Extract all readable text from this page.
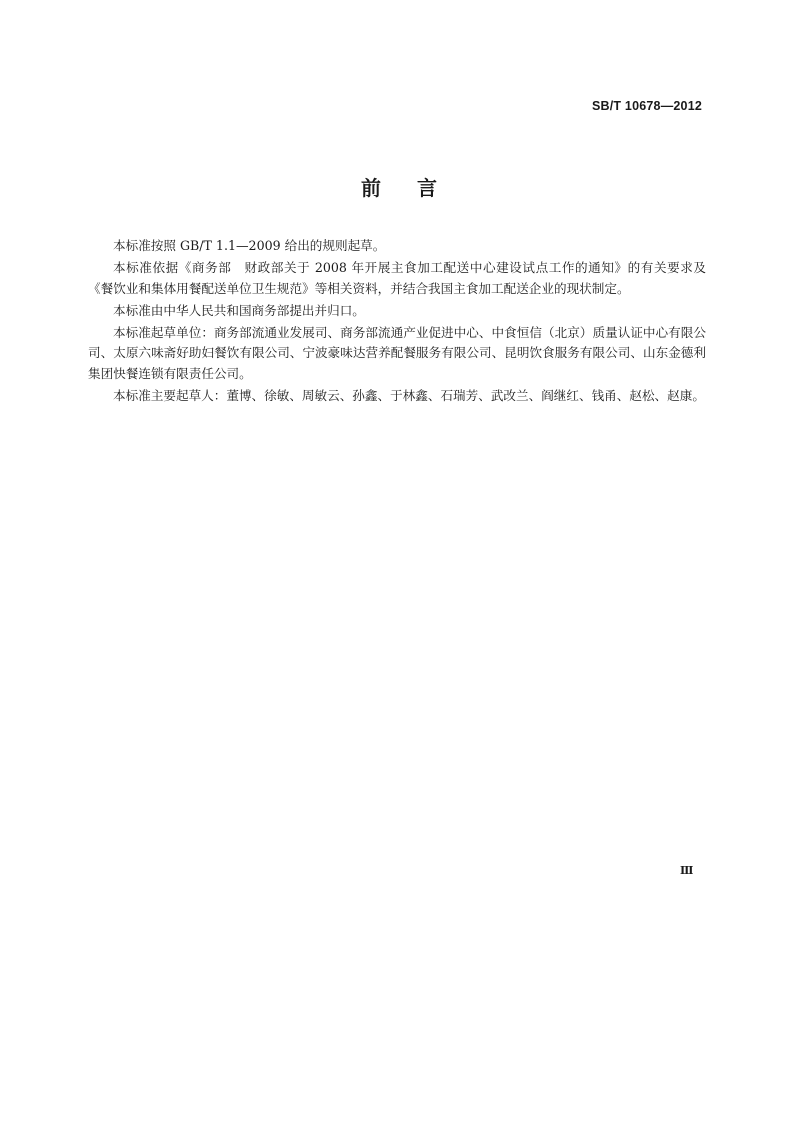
SB/T 10678—2012
前言

本标准按照 GB/T 1.1—2009 给出的规则起草。

本标准依据《商务部　财政部关于 2008 年开展主食加工配送中心建设试点工作的通知》的有关要求及《餐饮业和集体用餐配送单位卫生规范》等相关资料，并结合我国主食加工配送企业的现状制定。

本标准由中华人民共和国商务部提出并归口。

本标准起草单位：商务部流通业发展司、商务部流通产业促进中心、中食恒信（北京）质量认证中心有限公司、太原六味斋好助妇餐饮有限公司、宁波豪味达营养配餐服务有限公司、昆明饮食服务有限公司、山东金德利集团快餐连锁有限责任公司。

本标准主要起草人：董博、徐敏、周敏云、孙鑫、于林鑫、石瑞芳、武改兰、阎继红、钱甬、赵松、赵康。

Ⅲ
